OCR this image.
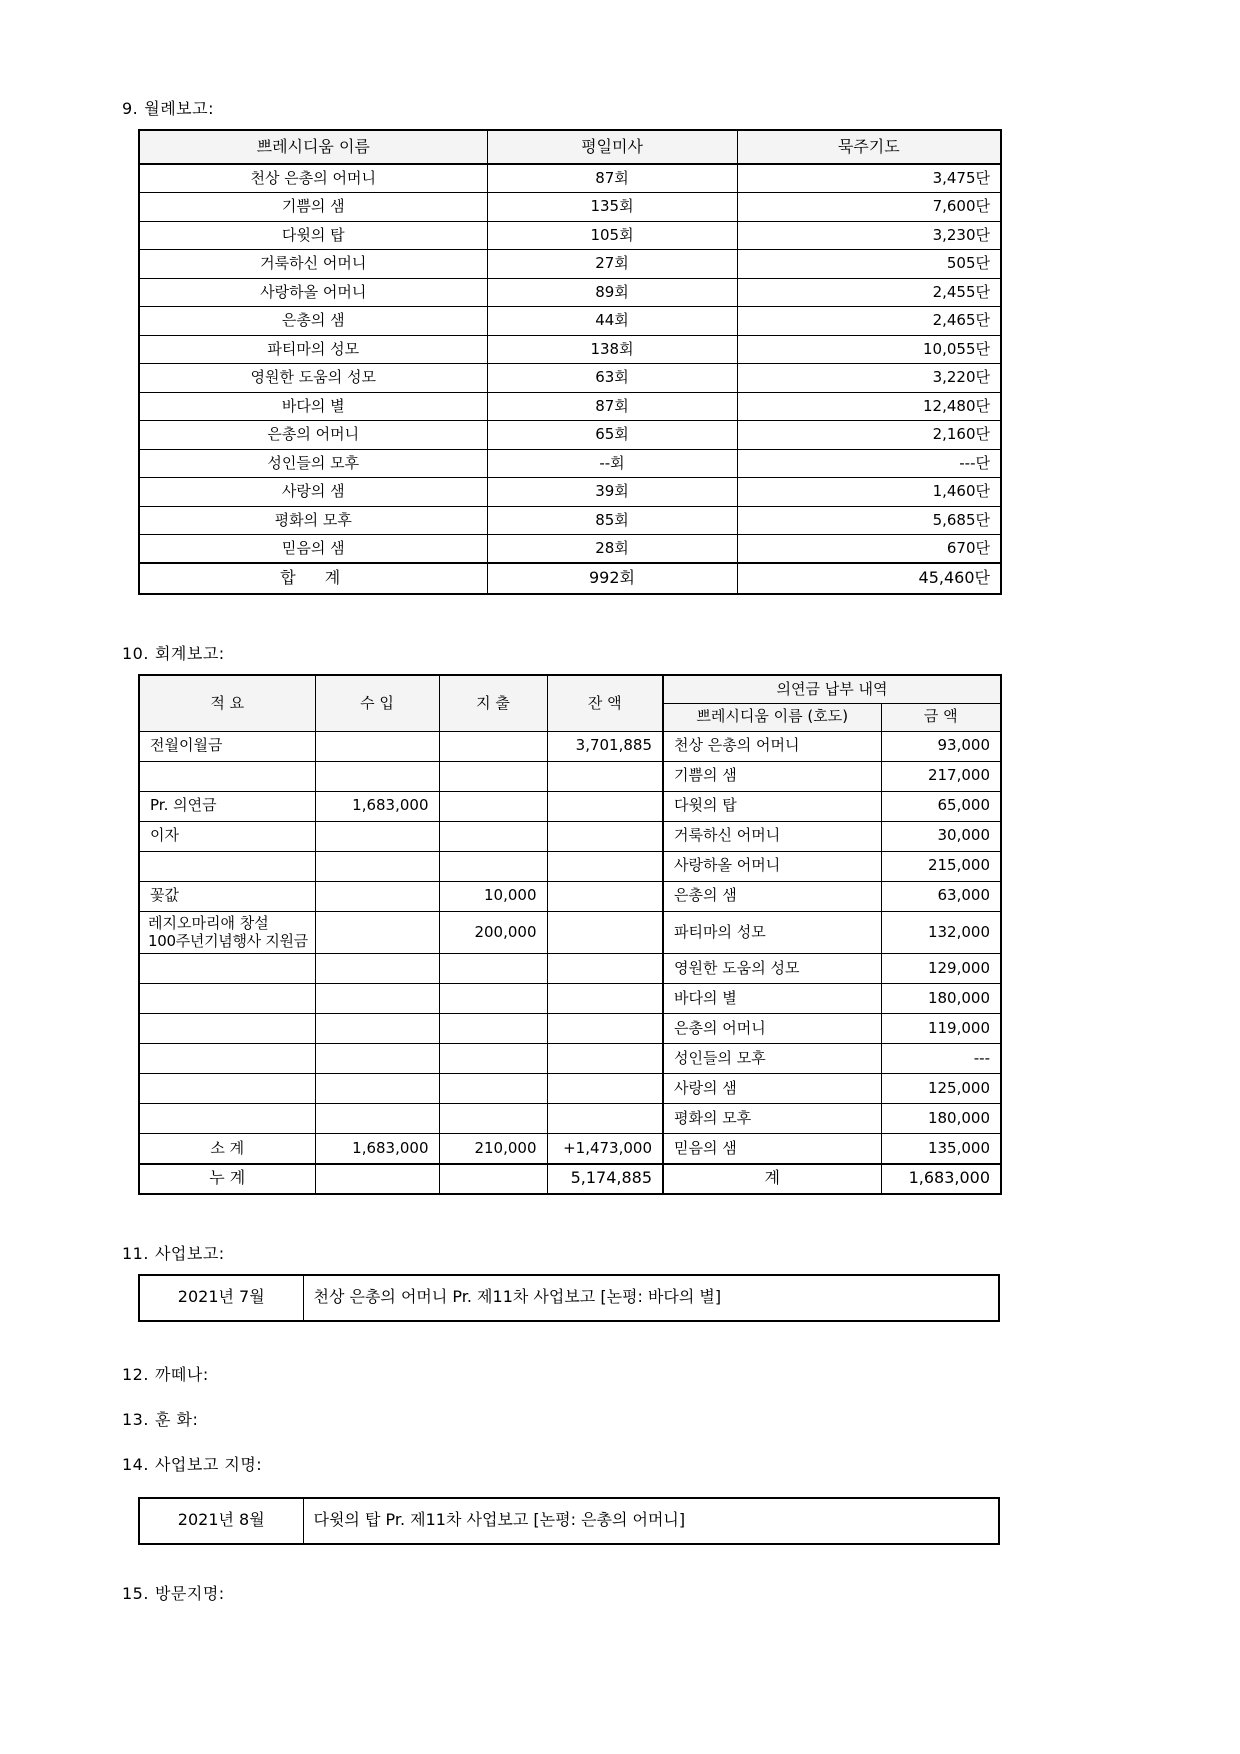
9. 월례보고:
쁘레시디움 이름	평일미사	묵주기도
천상 은총의 어머니	87회	3,475단
기쁨의 샘	135회	7,600단
다윗의 탑	105회	3,230단
거룩하신 어머니	27회	505단
사랑하올 어머니	89회	2,455단
은총의 샘	44회	2,465단
파티마의 성모	138회	10,055단
영원한 도움의 성모	63회	3,220단
바다의 별	87회	12,480단
은총의 어머니	65회	2,160단
성인들의 모후	--회	---단
사랑의 샘	39회	1,460단
평화의 모후	85회	5,685단
믿음의 샘	28회	670단
합 계	992회	45,460단
10. 회계보고:
적 요	수 입	지 출	잔 액	의연금 납부 내역	
				쁘레시디움 이름 (호도)	금 액
전월이월금			3,701,885	천상 은총의 어머니	93,000
				기쁨의 샘	217,000
Pr. 의연금	1,683,000			다윗의 탑	65,000
이자				거룩하신 어머니	30,000
				사랑하올 어머니	215,000
꽃값		10,000		은총의 샘	63,000
레지오마리애 창설
100주년기념행사 지원금		200,000		파티마의 성모	132,000
				영원한 도움의 성모	129,000
				바다의 별	180,000
				은총의 어머니	119,000
				성인들의 모후	---
				사랑의 샘	125,000
				평화의 모후	180,000
소 계	1,683,000	210,000	+1,473,000	믿음의 샘	135,000
누 계			5,174,885	계	1,683,000
11. 사업보고:
2021년 7월	천상 은총의 어머니 Pr. 제11차 사업보고 [논평: 바다의 별]
12. 까떼나:
13. 훈 화:
14. 사업보고 지명:
2021년 8월	다윗의 탑 Pr. 제11차 사업보고 [논평: 은총의 어머니]
15. 방문지명:
